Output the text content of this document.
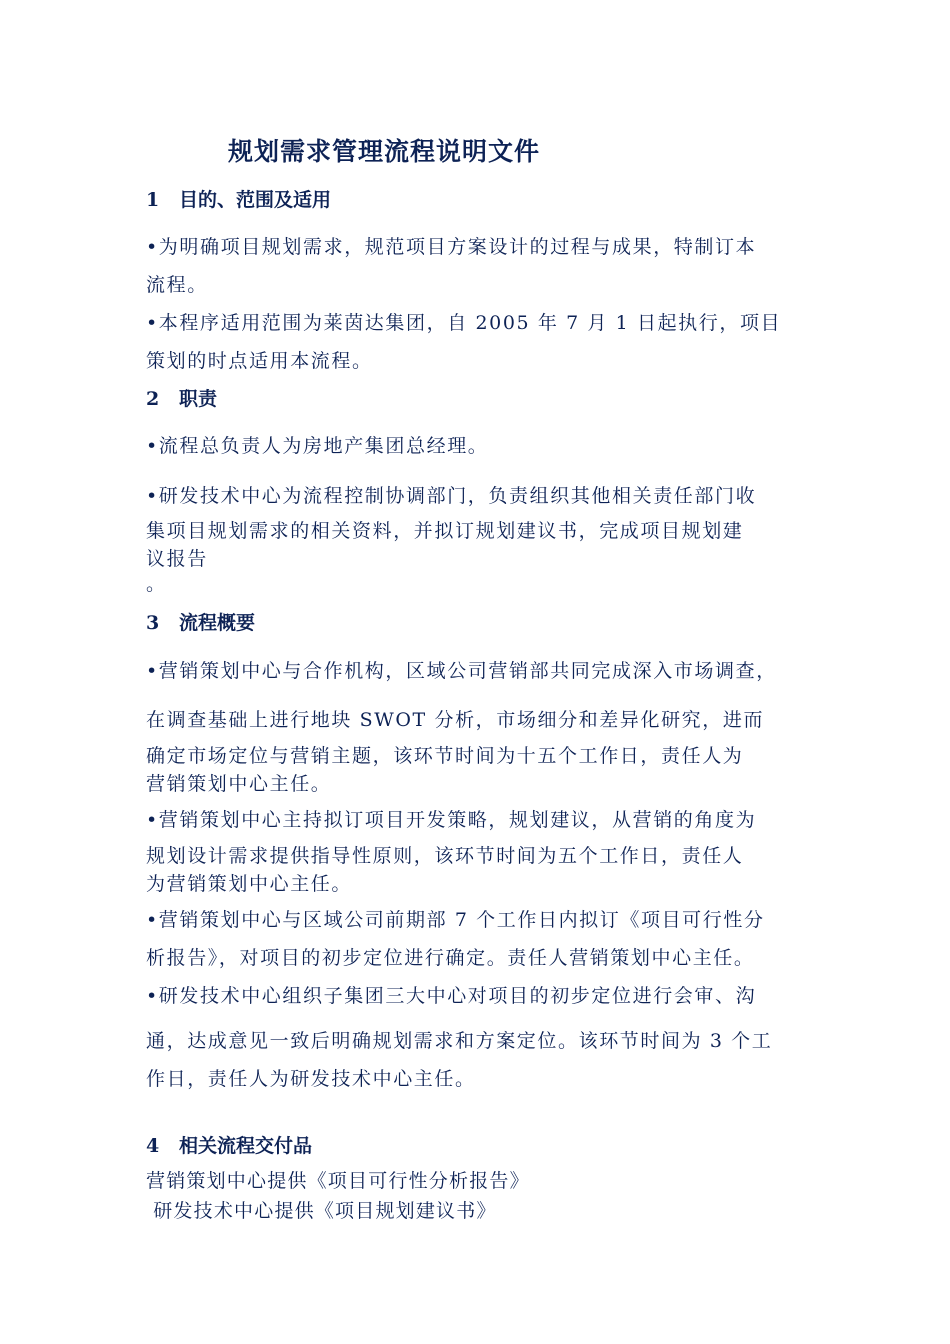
规划需求管理流程说明文件
1 目的、范围及适用
•为明确项目规划需求，规范项目方案设计的过程与成果，特制订本
流程。
•本程序适用范围为莱茵达集团，自 2005 年 7 月 1 日起执行，项目
策划的时点适用本流程。
2 职责
•流程总负责人为房地产集团总经理。
•研发技术中心为流程控制协调部门，负责组织其他相关责任部门收
集项目规划需求的相关资料，并拟订规划建议书，完成项目规划建
议报告
。
3 流程概要
•营销策划中心与合作机构，区域公司营销部共同完成深入市场调查，
在调查基础上进行地块 SWOT 分析，市场细分和差异化研究，进而
确定市场定位与营销主题，该环节时间为十五个工作日，责任人为
营销策划中心主任。
•营销策划中心主持拟订项目开发策略，规划建议，从营销的角度为
规划设计需求提供指导性原则，该环节时间为五个工作日，责任人
为营销策划中心主任。
•营销策划中心与区域公司前期部 7 个工作日内拟订《项目可行性分
析报告》，对项目的初步定位进行确定。责任人营销策划中心主任。
•研发技术中心组织子集团三大中心对项目的初步定位进行会审、沟
通，达成意见一致后明确规划需求和方案定位。该环节时间为 3 个工
作日，责任人为研发技术中心主任。
4 相关流程交付品
营销策划中心提供《项目可行性分析报告》
研发技术中心提供《项目规划建议书》
